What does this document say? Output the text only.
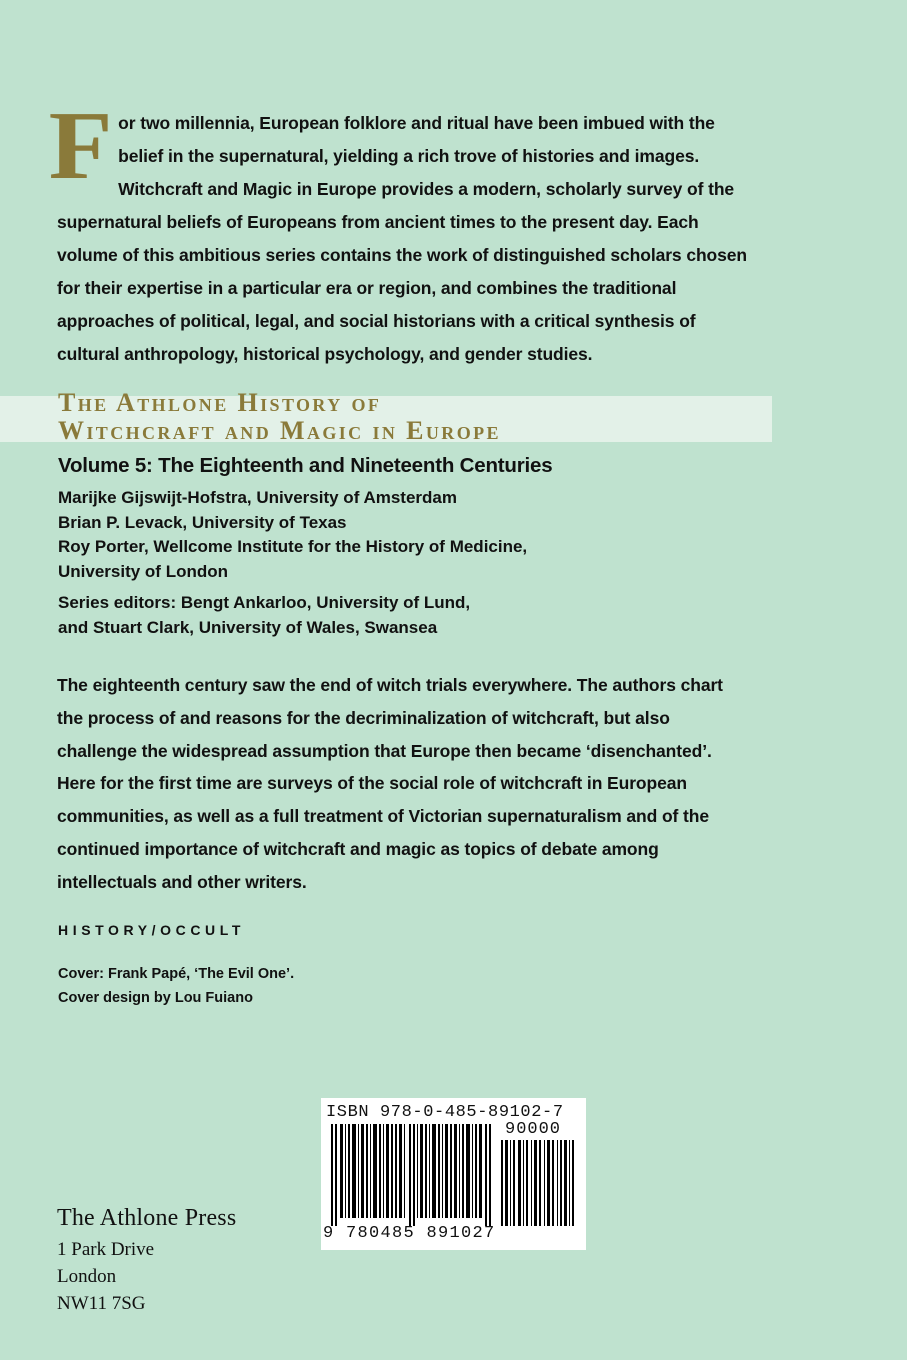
F or two millennia, European folklore and ritual have been imbued with the belief in the supernatural, yielding a rich trove of histories and images. Witchcraft and Magic in Europe provides a modern, scholarly survey of the supernatural beliefs of Europeans from ancient times to the present day. Each volume of this ambitious series contains the work of distinguished scholars chosen for their expertise in a particular era or region, and combines the traditional approaches of political, legal, and social historians with a critical synthesis of cultural anthropology, historical psychology, and gender studies.
The Athlone History of
Witchcraft and Magic in Europe
Volume 5: The Eighteenth and Nineteenth Centuries
Marijke Gijswijt-Hofstra, University of Amsterdam
Brian P. Levack, University of Texas
Roy Porter, Wellcome Institute for the History of Medicine,
University of London
Series editors: Bengt Ankarloo, University of Lund,
and Stuart Clark, University of Wales, Swansea
The eighteenth century saw the end of witch trials everywhere. The authors chart the process of and reasons for the decriminalization of witchcraft, but also challenge the widespread assumption that Europe then became ‘disenchanted’. Here for the first time are surveys of the social role of witchcraft in European communities, as well as a full treatment of Victorian supernaturalism and of the continued importance of witchcraft and magic as topics of debate among intellectuals and other writers.
HISTORY/OCCULT
Cover: Frank Papé, ‘The Evil One’.
Cover design by Lou Fuiano
ISBN 978-0-485-89102-7
90000
9 780485 891027
The Athlone Press
1 Park Drive
London
NW11 7SG
